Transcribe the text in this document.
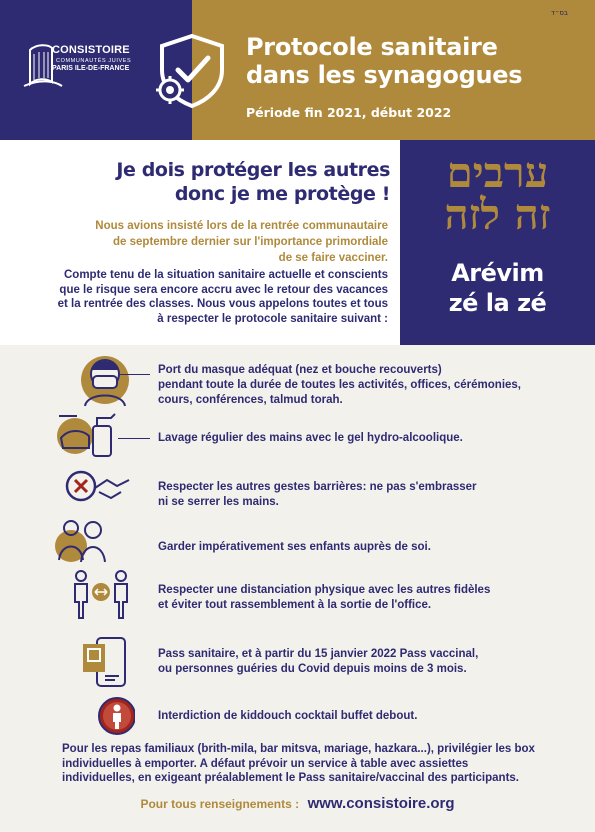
בס״ד
CONSISTOIRE
COMMUNAUTÉS JUIVES
PARIS ILE-DE-FRANCE
Protocole sanitaire
dans les synagogues
Période fin 2021, début 2022
Je dois protéger les autres
donc je me protège !
Nous avions insisté lors de la rentrée communautaire
de septembre dernier sur l'importance primordiale
de se faire vacciner.
Compte tenu de la situation sanitaire actuelle et conscients
que le risque sera encore accru avec le retour des vacances
et la rentrée des classes. Nous vous appelons toutes et tous
à respecter le protocole sanitaire suivant :
ערבים
זה לזה
Arévim
zé la zé
Port du masque adéquat (nez et bouche recouverts)
pendant toute la durée de toutes les activités, offices, cérémonies,
cours, conférences, talmud torah.
Lavage régulier des mains avec le gel hydro-alcoolique.
Respecter les autres gestes barrières: ne pas s'embrasser
ni se serrer les mains.
Garder impérativement ses enfants auprès de soi.
Respecter une distanciation physique avec les autres fidèles
et éviter tout rassemblement à la sortie de l'office.
Pass sanitaire, et à partir du 15 janvier 2022 Pass vaccinal,
ou personnes guéries du Covid depuis moins de 3 mois.
Interdiction de kiddouch cocktail buffet debout.
Pour les repas familiaux (brith-mila, bar mitsva, mariage, hazkara...), privilégier les box
individuelles à emporter. A défaut prévoir un service à table avec assiettes
individuelles, en exigeant préalablement le Pass sanitaire/vaccinal des participants.
Pour tous renseignements : www.consistoire.org
